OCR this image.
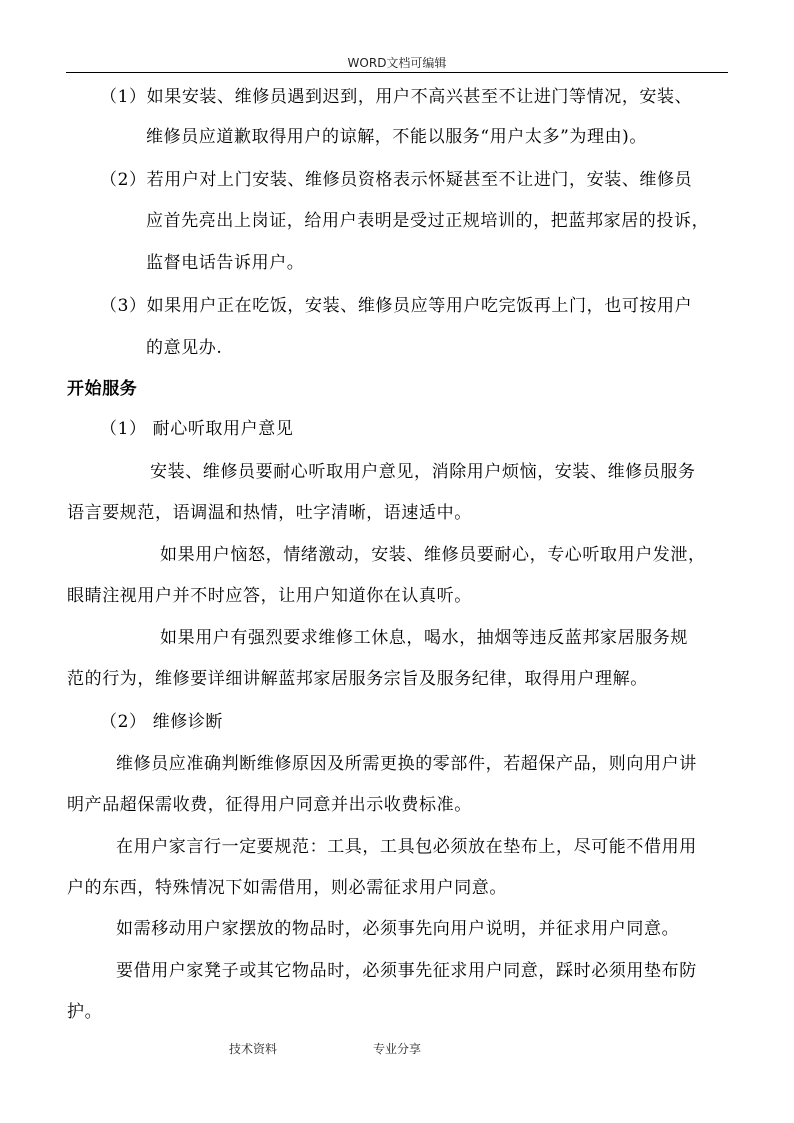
WORD文档可编辑
（1）如果安装、维修员遇到迟到，用户不高兴甚至不让进门等情况，安装、
维修员应道歉取得用户的谅解，不能以服务“用户太多”为理由)。
（2）若用户对上门安装、维修员资格表示怀疑甚至不让进门，安装、维修员
应首先亮出上岗证，给用户表明是受过正规培训的，把蓝邦家居的投诉，
监督电话告诉用户。
（3）如果用户正在吃饭，安装、维修员应等用户吃完饭再上门，也可按用户
的意见办.
开始服务
（1） 耐心听取用户意见
安装、维修员要耐心听取用户意见，消除用户烦恼，安装、维修员服务
语言要规范，语调温和热情，吐字清晰，语速适中。
如果用户恼怒，情绪激动，安装、维修员要耐心，专心听取用户发泄，
眼睛注视用户并不时应答，让用户知道你在认真听。
如果用户有强烈要求维修工休息，喝水，抽烟等违反蓝邦家居服务规
范的行为，维修要详细讲解蓝邦家居服务宗旨及服务纪律，取得用户理解。
（2） 维修诊断
维修员应准确判断维修原因及所需更换的零部件，若超保产品，则向用户讲
明产品超保需收费，征得用户同意并出示收费标准。
在用户家言行一定要规范：工具，工具包必须放在垫布上，尽可能不借用用
户的东西，特殊情况下如需借用，则必需征求用户同意。
如需移动用户家摆放的物品时，必须事先向用户说明，并征求用户同意。
要借用户家凳子或其它物品时，必须事先征求用户同意，踩时必须用垫布防
护。
技术资料	专业分享
